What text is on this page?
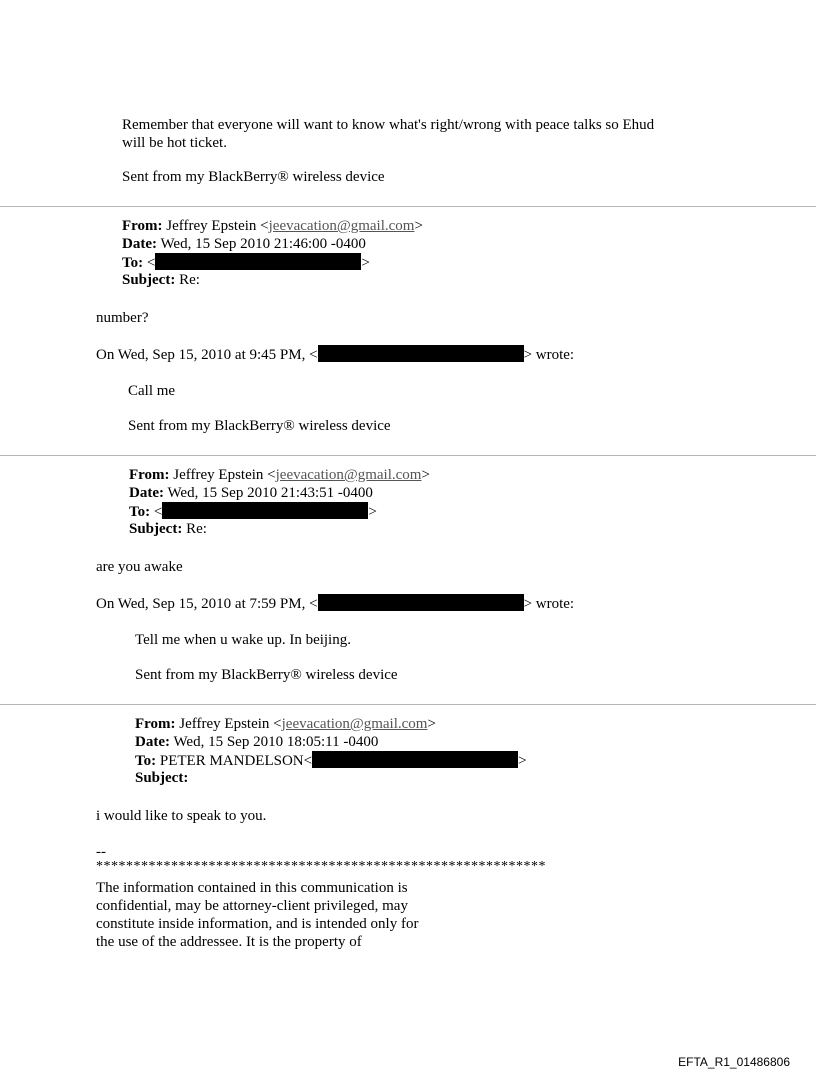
Remember that everyone will want to know what's right/wrong with peace talks so Ehud
will be hot ticket.
Sent from my BlackBerry® wireless device
From: Jeffrey Epstein <jeevacation@gmail.com>
Date: Wed, 15 Sep 2010 21:46:00 -0400
To: <	>
Subject: Re:
number?
On Wed, Sep 15, 2010 at 9:45 PM, <	> wrote:
Call me
Sent from my BlackBerry® wireless device
From: Jeffrey Epstein <jeevacation@gmail.com>
Date: Wed, 15 Sep 2010 21:43:51 -0400
To: <	>
Subject: Re:
are you awake
On Wed, Sep 15, 2010 at 7:59 PM, <	> wrote:
Tell me when u wake up. In beijing.
Sent from my BlackBerry® wireless device
From: Jeffrey Epstein <jeevacation@gmail.com>
Date: Wed, 15 Sep 2010 18:05:11 -0400
To: PETER MANDELSON<	>
Subject:
i would like to speak to you.
--
************************************************************
The information contained in this communication is
confidential, may be attorney-client privileged, may
constitute inside information, and is intended only for
the use of the addressee. It is the property of
EFTA_R1_01486806
